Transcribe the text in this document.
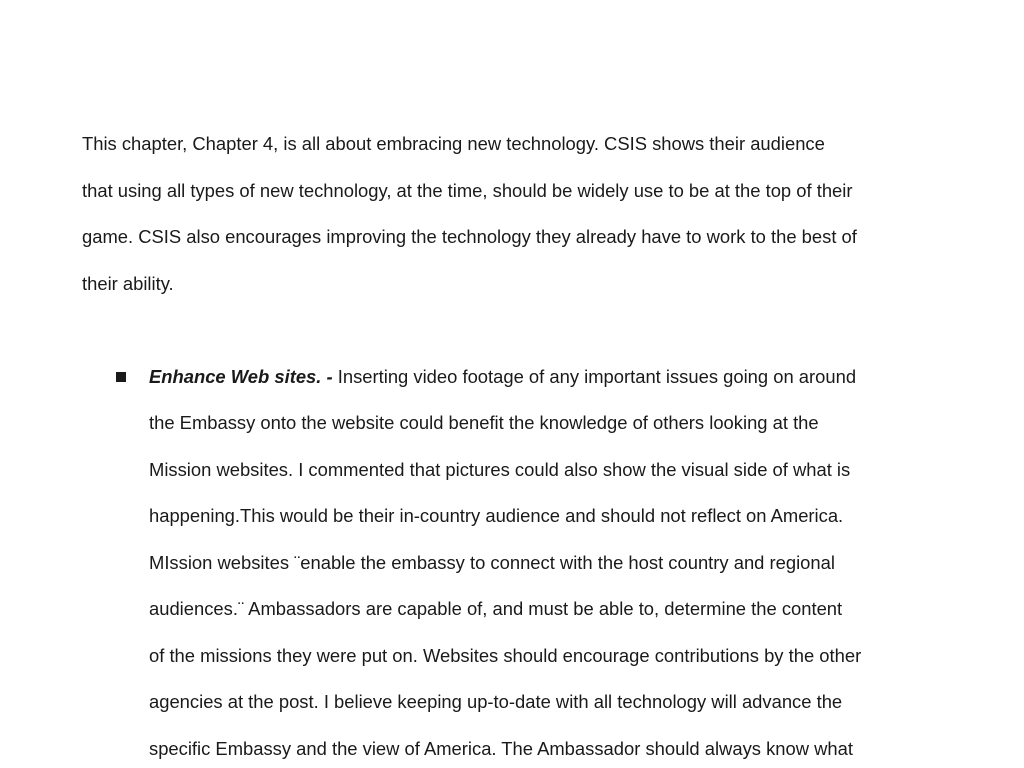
This chapter, Chapter 4, is all about embracing new technology. CSIS shows their audience
that using all types of new technology, at the time, should be widely use to be at the top of their
game. CSIS also encourages improving the technology they already have to work to the best of
their ability.
Enhance Web sites. - Inserting video footage of any important issues going on around
the Embassy onto the website could benefit the knowledge of others looking at the
Mission websites. I commented that pictures could also show the visual side of what is
happening.This would be their in-country audience and should not reflect on America.
MIssion websites ¨enable the embassy to connect with the host country and regional
audiences.¨ Ambassadors are capable of, and must be able to, determine the content
of the missions they were put on. Websites should encourage contributions by the other
agencies at the post. I believe keeping up-to-date with all technology will advance the
specific Embassy and the view of America. The Ambassador should always know what
